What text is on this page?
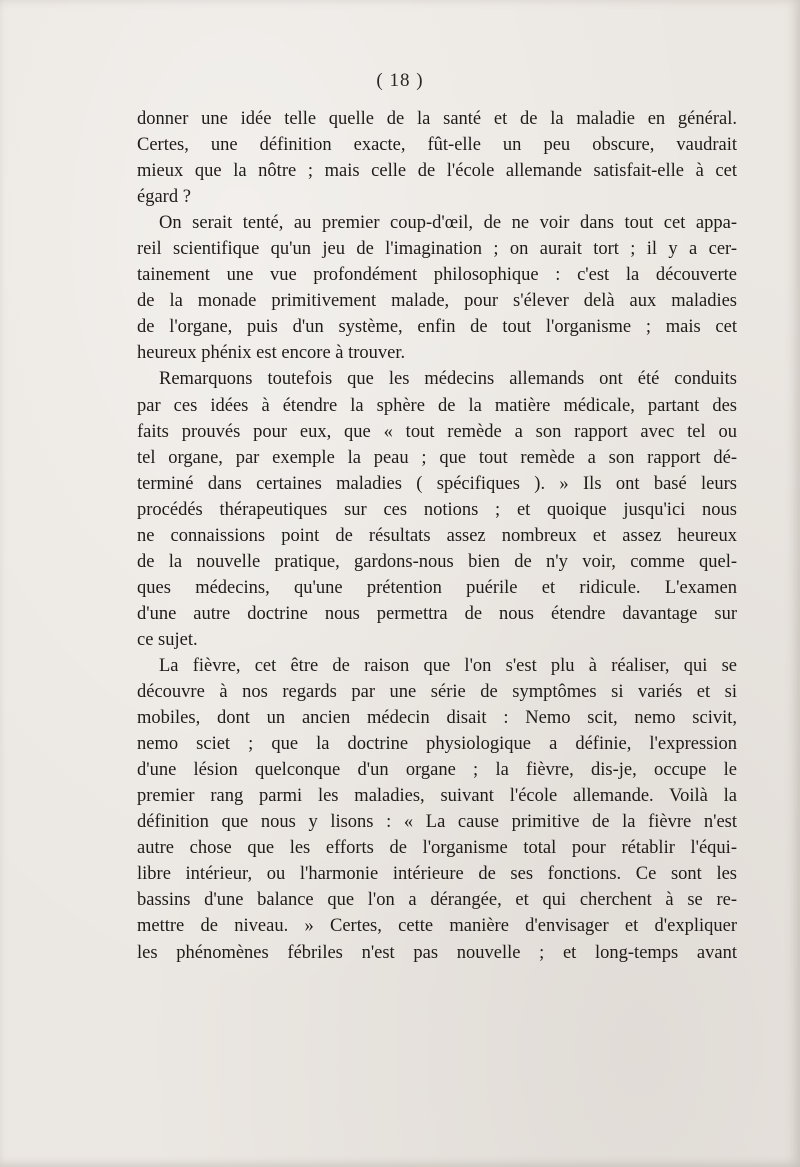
( 18 )
donner une idée telle quelle de la santé et de la maladie en général.
Certes, une définition exacte, fût-elle un peu obscure, vaudrait
mieux que la nôtre ; mais celle de l'école allemande satisfait-elle à cet
égard ?
On serait tenté, au premier coup-d'œil, de ne voir dans tout cet appa-
reil scientifique qu'un jeu de l'imagination ; on aurait tort ; il y a cer-
tainement une vue profondément philosophique : c'est la découverte
de la monade primitivement malade, pour s'élever delà aux maladies
de l'organe, puis d'un système, enfin de tout l'organisme ; mais cet
heureux phénix est encore à trouver.
Remarquons toutefois que les médecins allemands ont été conduits
par ces idées à étendre la sphère de la matière médicale, partant des
faits prouvés pour eux, que « tout remède a son rapport avec tel ou
tel organe, par exemple la peau ; que tout remède a son rapport dé-
terminé dans certaines maladies ( spécifiques ). » Ils ont basé leurs
procédés thérapeutiques sur ces notions ; et quoique jusqu'ici nous
ne connaissions point de résultats assez nombreux et assez heureux
de la nouvelle pratique, gardons-nous bien de n'y voir, comme quel-
ques médecins, qu'une prétention puérile et ridicule. L'examen
d'une autre doctrine nous permettra de nous étendre davantage sur
ce sujet.
La fièvre, cet être de raison que l'on s'est plu à réaliser, qui se
découvre à nos regards par une série de symptômes si variés et si
mobiles, dont un ancien médecin disait : Nemo scit, nemo scivit,
nemo sciet ; que la doctrine physiologique a définie, l'expression
d'une lésion quelconque d'un organe ; la fièvre, dis-je, occupe le
premier rang parmi les maladies, suivant l'école allemande. Voilà la
définition que nous y lisons : « La cause primitive de la fièvre n'est
autre chose que les efforts de l'organisme total pour rétablir l'équi-
libre intérieur, ou l'harmonie intérieure de ses fonctions. Ce sont les
bassins d'une balance que l'on a dérangée, et qui cherchent à se re-
mettre de niveau. » Certes, cette manière d'envisager et d'expliquer
les phénomènes fébriles n'est pas nouvelle ; et long-temps avant
